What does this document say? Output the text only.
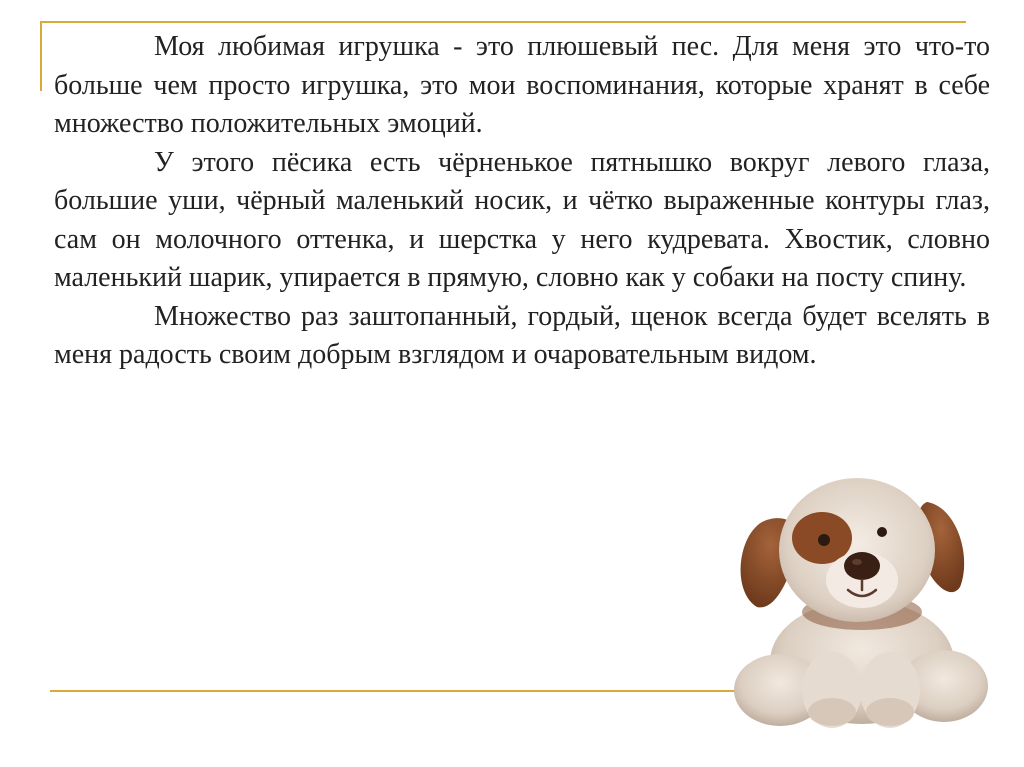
Моя любимая игрушка - это плюшевый пес. Для меня это что-то больше чем просто игрушка, это мои воспоминания, которые хранят в себе множество положительных эмоций.

У этого пёсика есть чёрненькое пятнышко вокруг левого глаза, большие уши, чёрный маленький носик, и чётко выраженные контуры глаз, сам он молочного оттенка, и шерстка у него кудревата. Хвостик, словно маленький шарик, упирается в прямую, словно как у собаки на посту спину.

Множество раз заштопанный, гордый, щенок всегда будет вселять в меня радость своим добрым взглядом и очаровательным видом.
